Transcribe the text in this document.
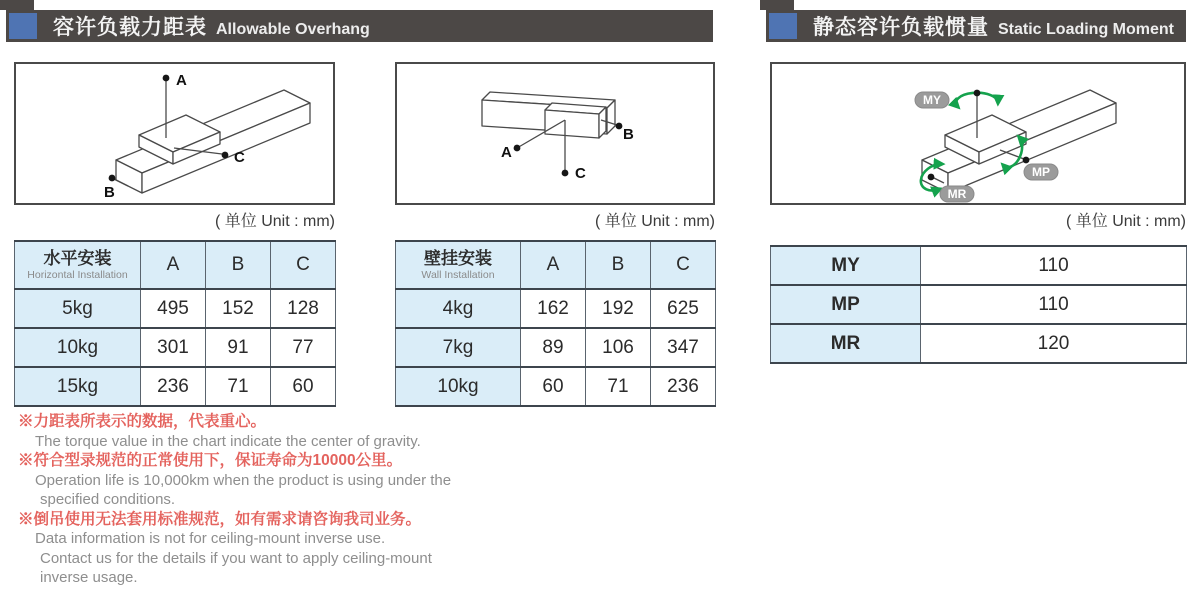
容许负载力距表 Allowable Overhang
A
B
C
( 单位 Unit : mm)
A
B
C
( 单位 Unit : mm)
水平安装
Horizontal Installation	A	B	C
5kg	495	152	128
10kg	301	91	77
15kg	236	71	60
壁挂安装
Wall Installation	A	B	C
4kg	162	192	625
7kg	89	106	347
10kg	60	71	236
※力距表所表示的数据，代表重心。
The torque value in the chart indicate the center of gravity.
※符合型录规范的正常使用下，保证寿命为10000公里。
Operation life is 10,000km when the product is using under the
specified conditions.
※倒吊使用无法套用标准规范，如有需求请咨询我司业务。
Data information is not for ceiling-mount inverse use.
Contact us for the details if you want to apply ceiling-mount
inverse usage.
静态容许负载惯量 Static Loading Moment
MY
MP
MR
( 单位 Unit : mm)
MY	110
MP	110
MR	120
